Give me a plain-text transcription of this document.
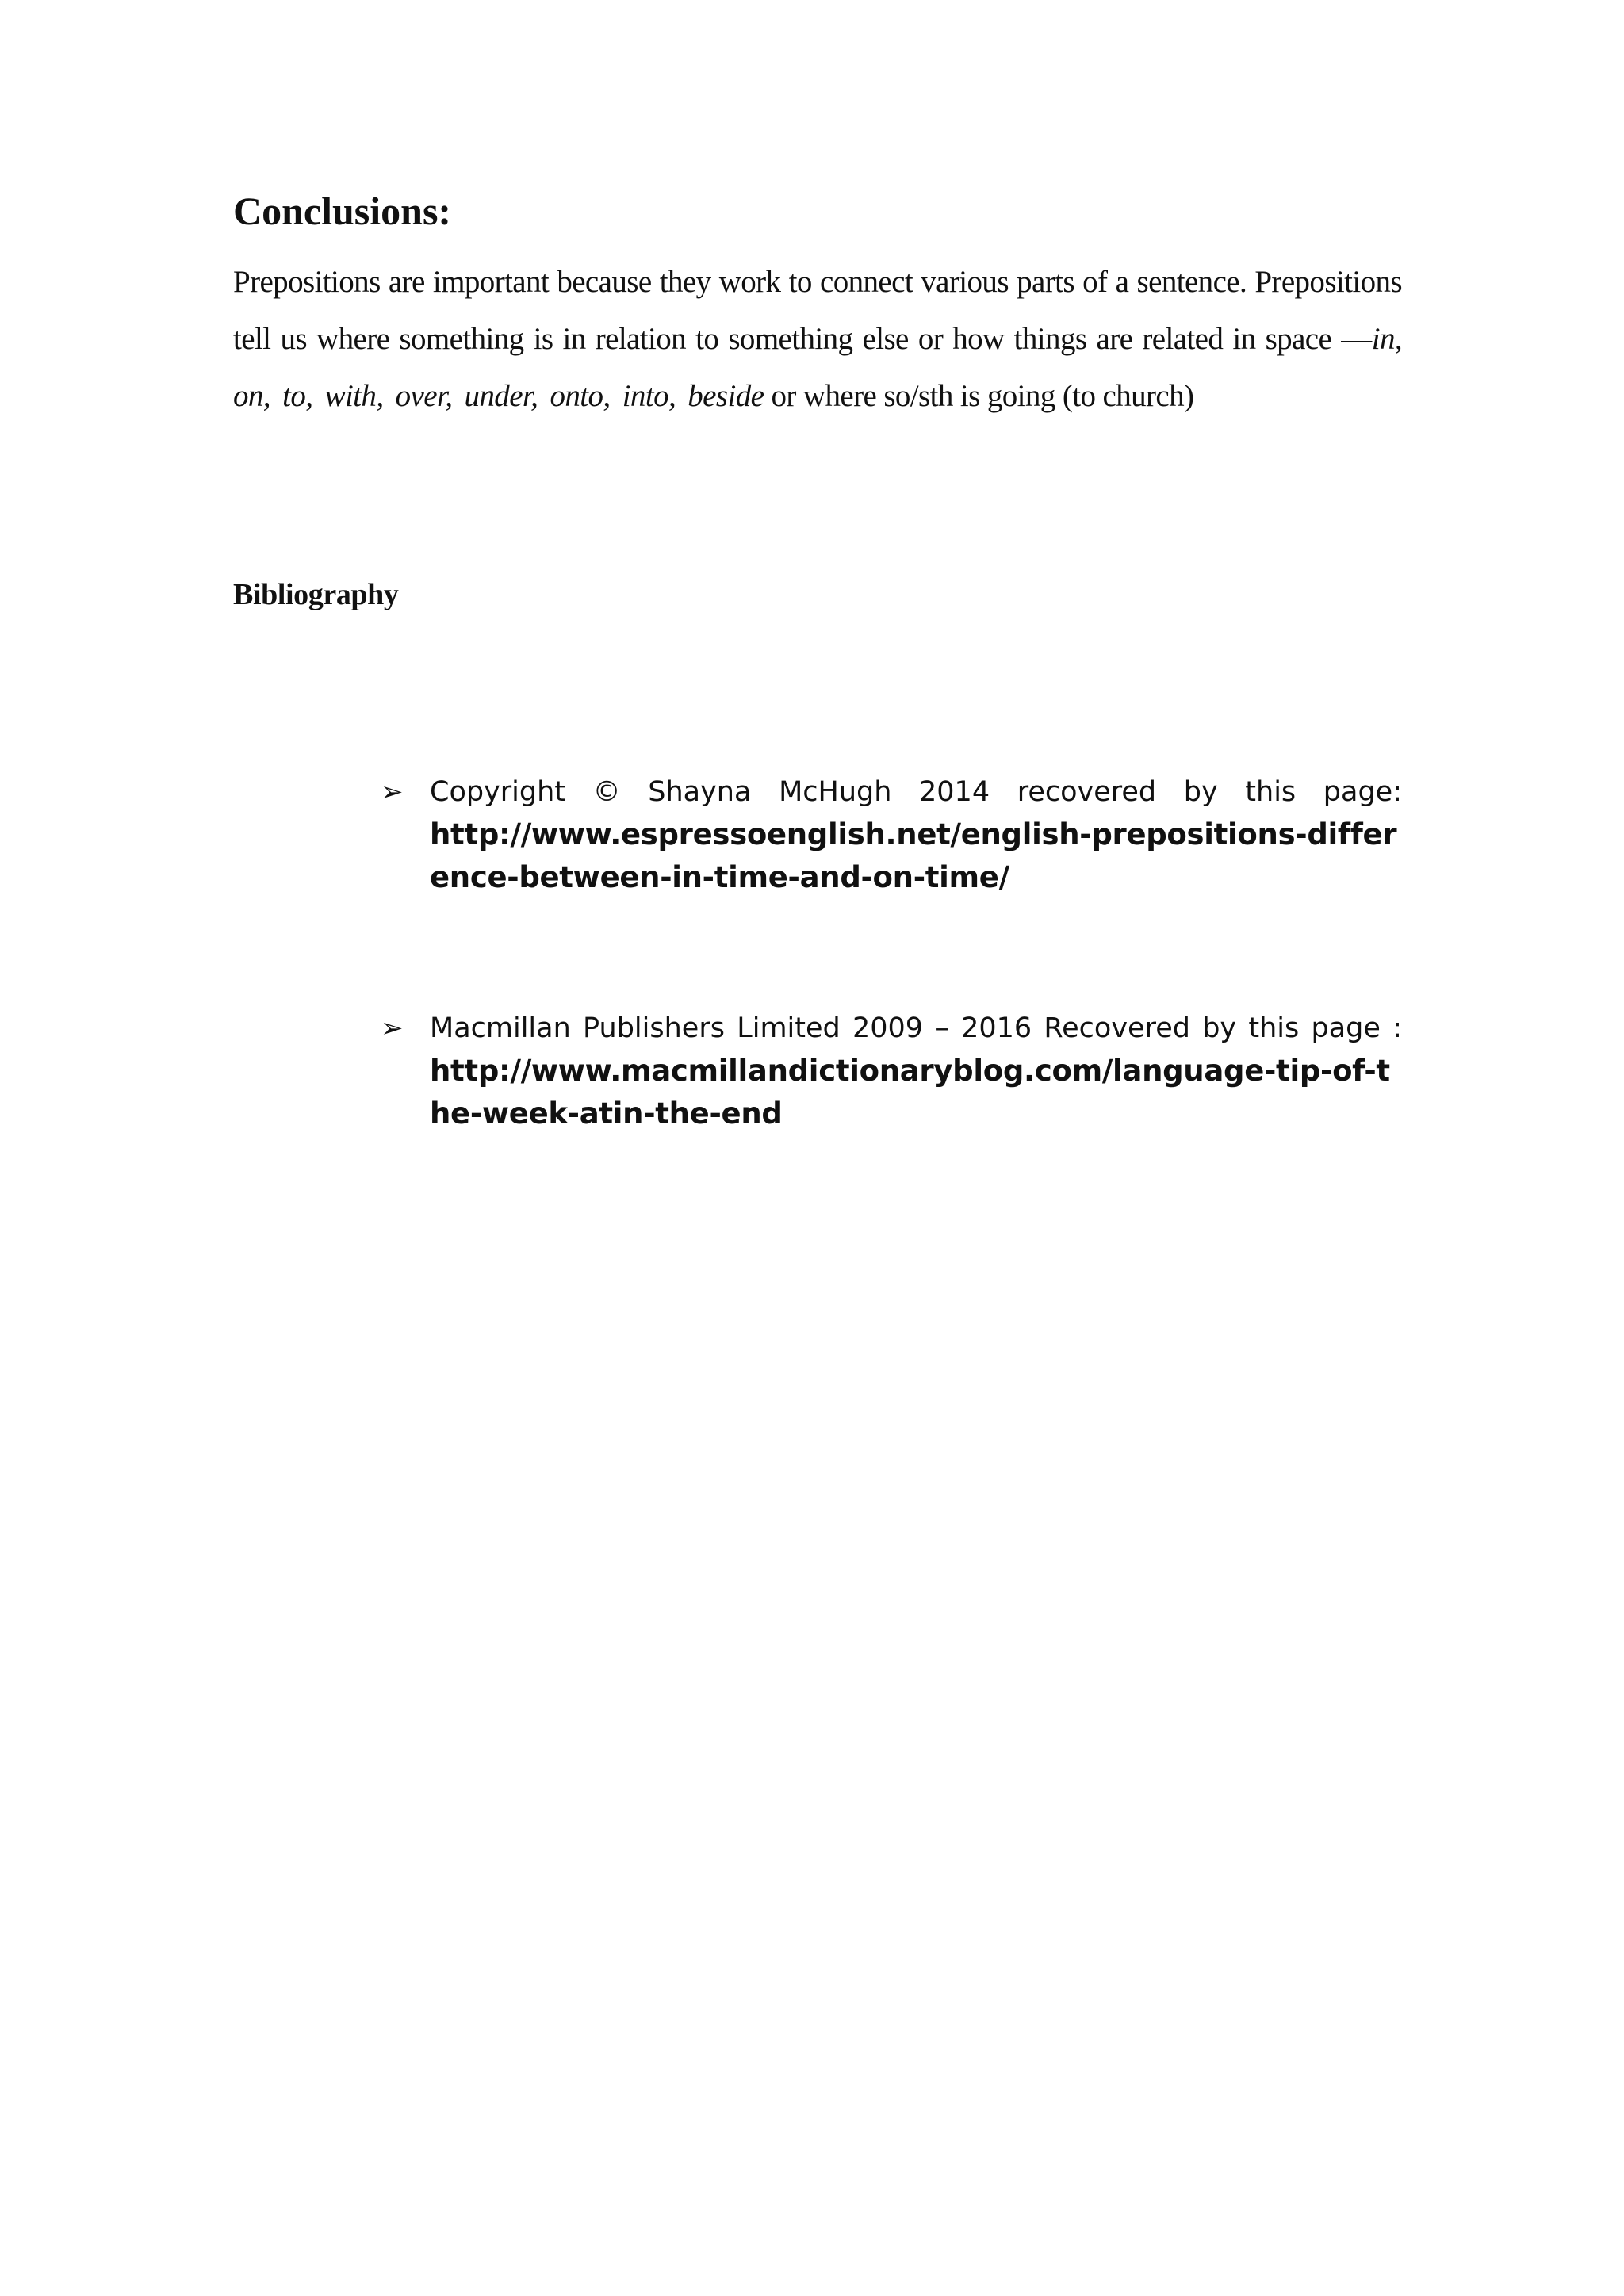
Conclusions:

Prepositions are important because they work to connect various parts of a sentence. Prepositions tell us where something is in relation to something else or how things are related in space —in, on, to, with, over, under, onto, into, beside or where so/sth is going (to church)

Bibliography
➢ Copyright © Shayna McHugh 2014 recovered by this page:
http://www.espressoenglish.net/english-prepositions-difference-between-in-time-and-on-time/
➢ Macmillan Publishers Limited 2009 – 2016 Recovered by this page :
http://www.macmillandictionaryblog.com/language-tip-of-the-week-atin-the-end
